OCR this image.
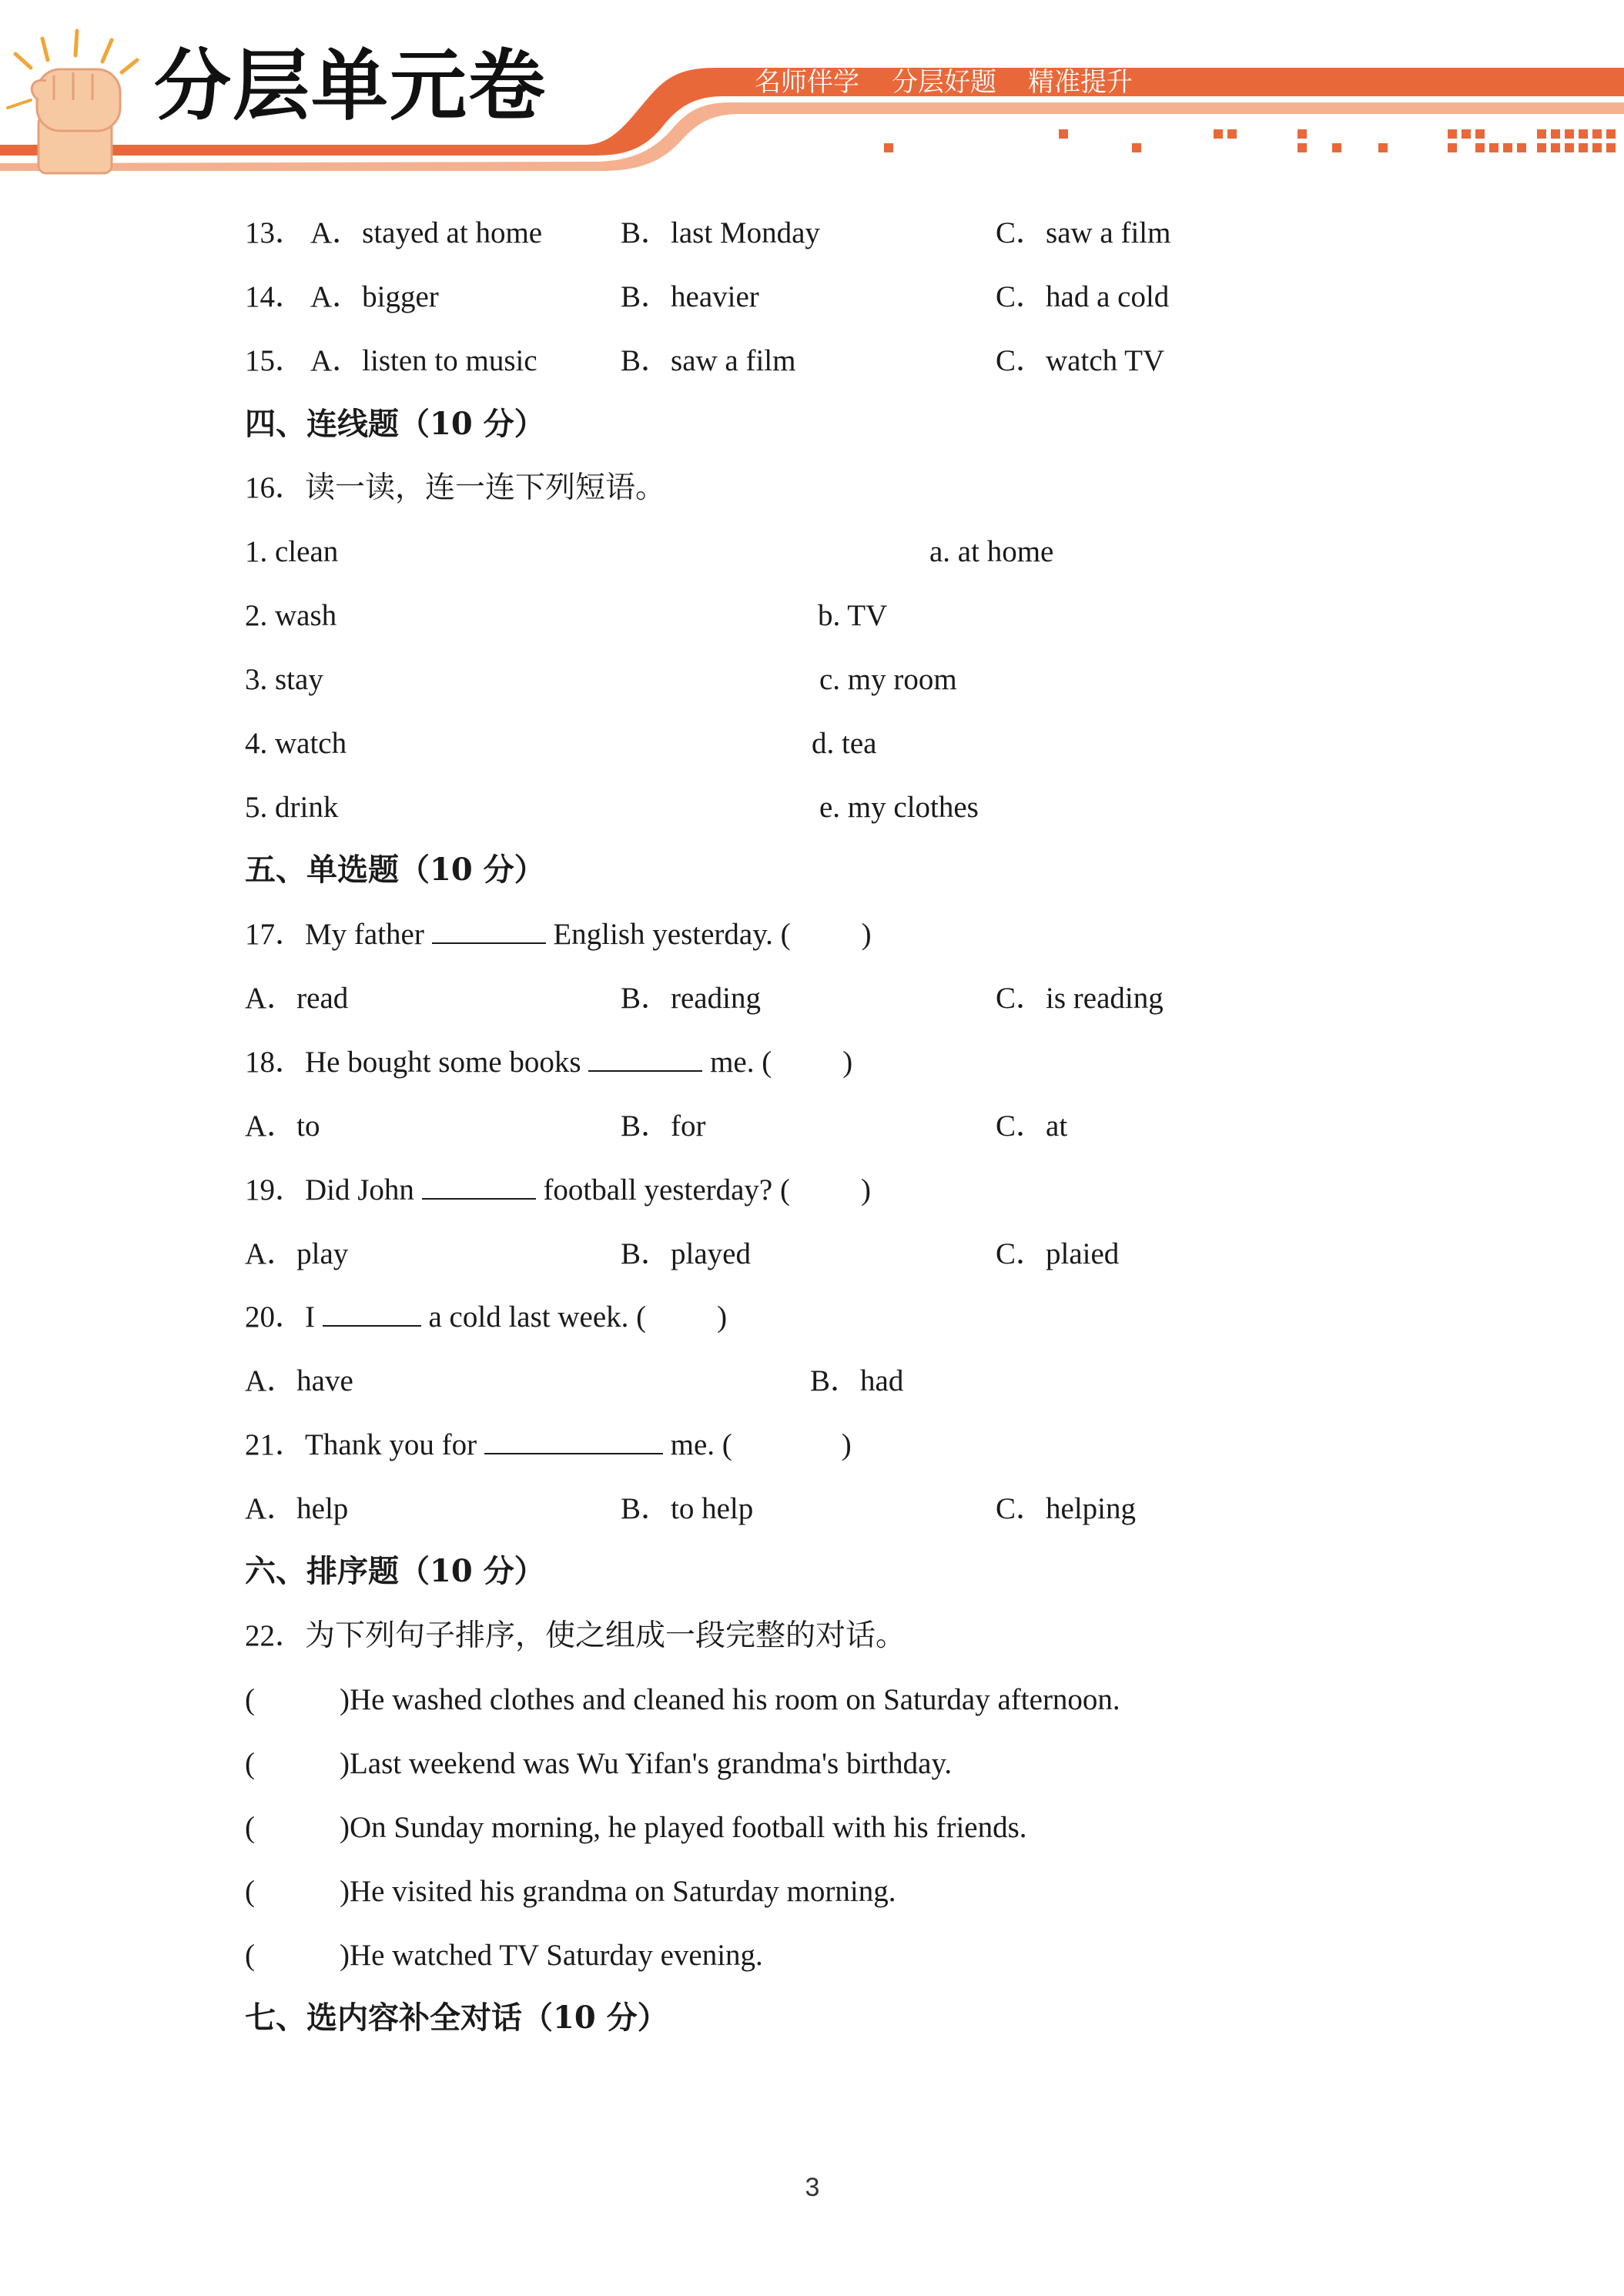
分层单元卷	名师伴学 分层好题 精准提升
13． A．stayed at home	B．last Monday	C．saw a film
14． A．bigger	B．heavier	C．had a cold
15． A．listen to music	B．saw a film	C．watch TV
四、连线题（10 分）
16．读一读，连一连下列短语。
1. clean	a. at home
2. wash	b. TV
3. stay	c. my room
4. watch	d. tea
5. drink	e. my clothes
五、单选题（10 分）
17．My father	English yesterday. ( )
A．read	B．reading	C．is reading
18．He bought some books	me. ( )
A．to	B．for	C．at
19．Did John	football yesterday? ( )
A．play	B．played	C．plaied
20．I	a cold last week. ( )
A．have	B．had
21．Thank you for	me. (	)
A．help	B．to help	C．helping
六、排序题（10 分）
22．为下列句子排序，使之组成一段完整的对话。
(	)He washed clothes and cleaned his room on Saturday afternoon.
(	)Last weekend was Wu Yifan's grandma's birthday.
(	)On Sunday morning, he played football with his friends.
(	)He visited his grandma on Saturday morning.
(	)He watched TV Saturday evening.
七、选内容补全对话（10 分）
3
